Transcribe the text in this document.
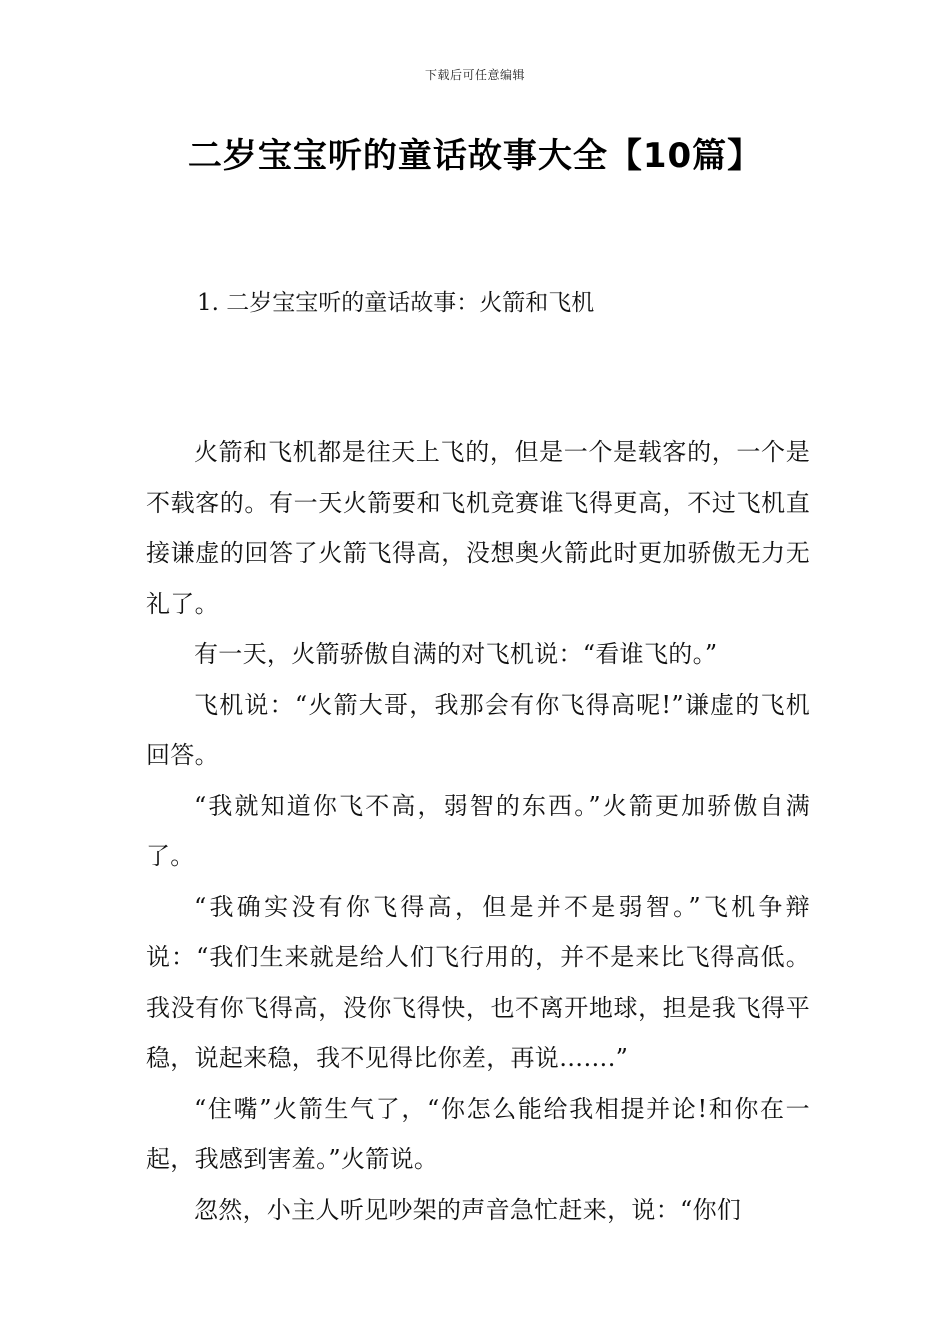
下载后可任意编辑
二岁宝宝听的童话故事大全【10篇】
1. 二岁宝宝听的童话故事：火箭和飞机

火箭和飞机都是往天上飞的，但是一个是载客的，一个是不载客的。有一天火箭要和飞机竞赛谁飞得更高，不过飞机直接谦虚的回答了火箭飞得高，没想奥火箭此时更加骄傲无力无礼了。

有一天，火箭骄傲自满的对飞机说：“看谁飞的。”

飞机说：“火箭大哥，我那会有你飞得高呢!”谦虚的飞机回答。

“我就知道你飞不高，弱智的东西。”火箭更加骄傲自满了。

“我确实没有你飞得高，但是并不是弱智。”飞机争辩说：“我们生来就是给人们飞行用的，并不是来比飞得高低。我没有你飞得高，没你飞得快，也不离开地球，担是我飞得平稳，说起来稳，我不见得比你差，再说…….”

“住嘴”火箭生气了，“你怎么能给我相提并论!和你在一起，我感到害羞。”火箭说。

忽然，小主人听见吵架的声音急忙赶来，说：“你们
